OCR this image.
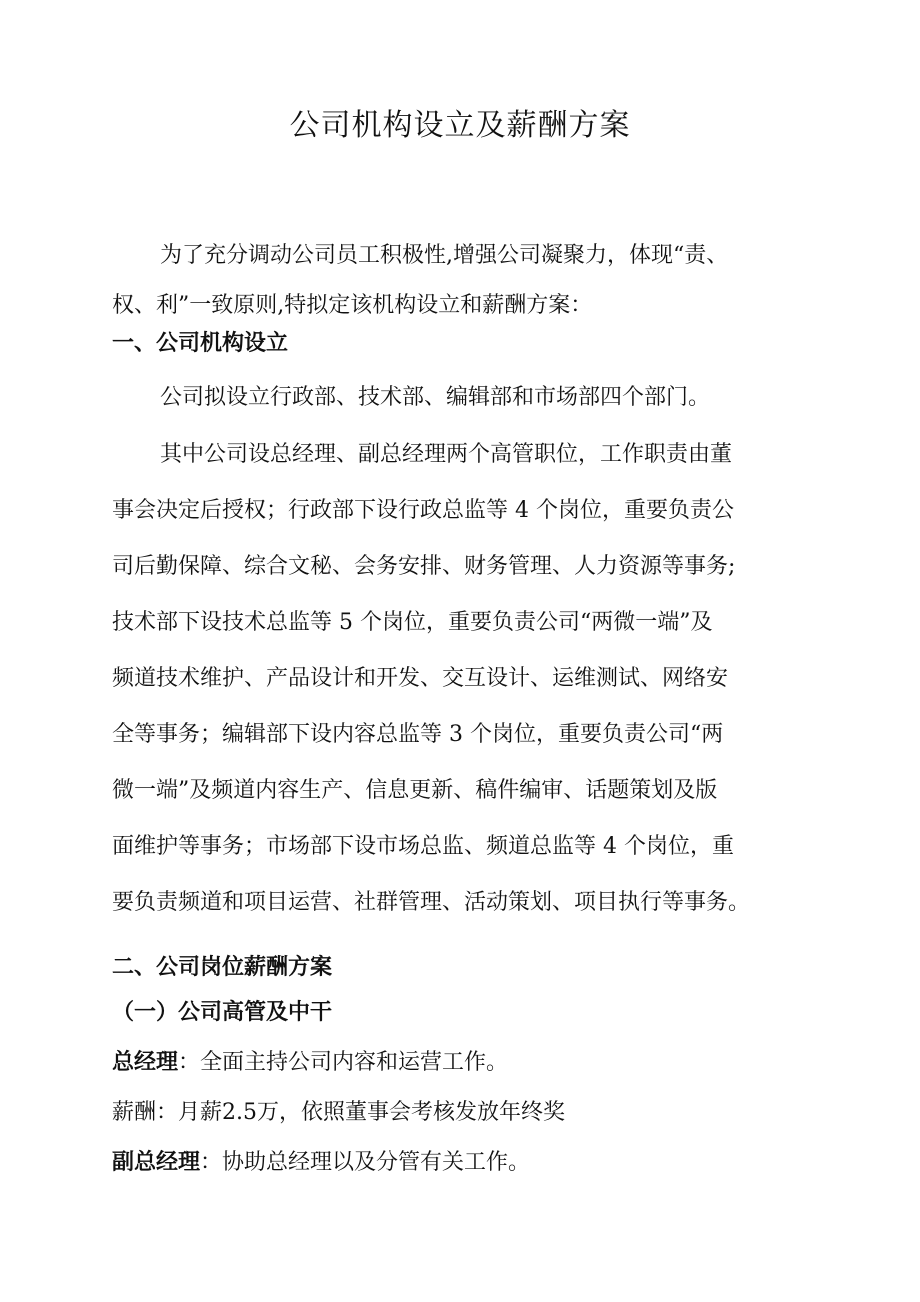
公司机构设立及薪酬方案

为了充分调动公司员工积极性,增强公司凝聚力，体现“责、

权、利”一致原则,特拟定该机构设立和薪酬方案：

一、公司机构设立

公司拟设立行政部、技术部、编辑部和市场部四个部门。

其中公司设总经理、副总经理两个高管职位，工作职责由董

事会决定后授权；行政部下设行政总监等 4 个岗位，重要负责公

司后勤保障、综合文秘、会务安排、财务管理、人力资源等事务;

技术部下设技术总监等 5 个岗位，重要负责公司“两微一端”及

频道技术维护、产品设计和开发、交互设计、运维测试、网络安

全等事务；编辑部下设内容总监等 3 个岗位，重要负责公司“两

微一端”及频道内容生产、信息更新、稿件编审、话题策划及版

面维护等事务；市场部下设市场总监、频道总监等 4 个岗位，重

要负责频道和项目运营、社群管理、活动策划、项目执行等事务。

二、公司岗位薪酬方案

（一）公司高管及中干

总经理：全面主持公司内容和运营工作。

薪酬：月薪2.5万，依照董事会考核发放年终奖

副总经理：协助总经理以及分管有关工作。
